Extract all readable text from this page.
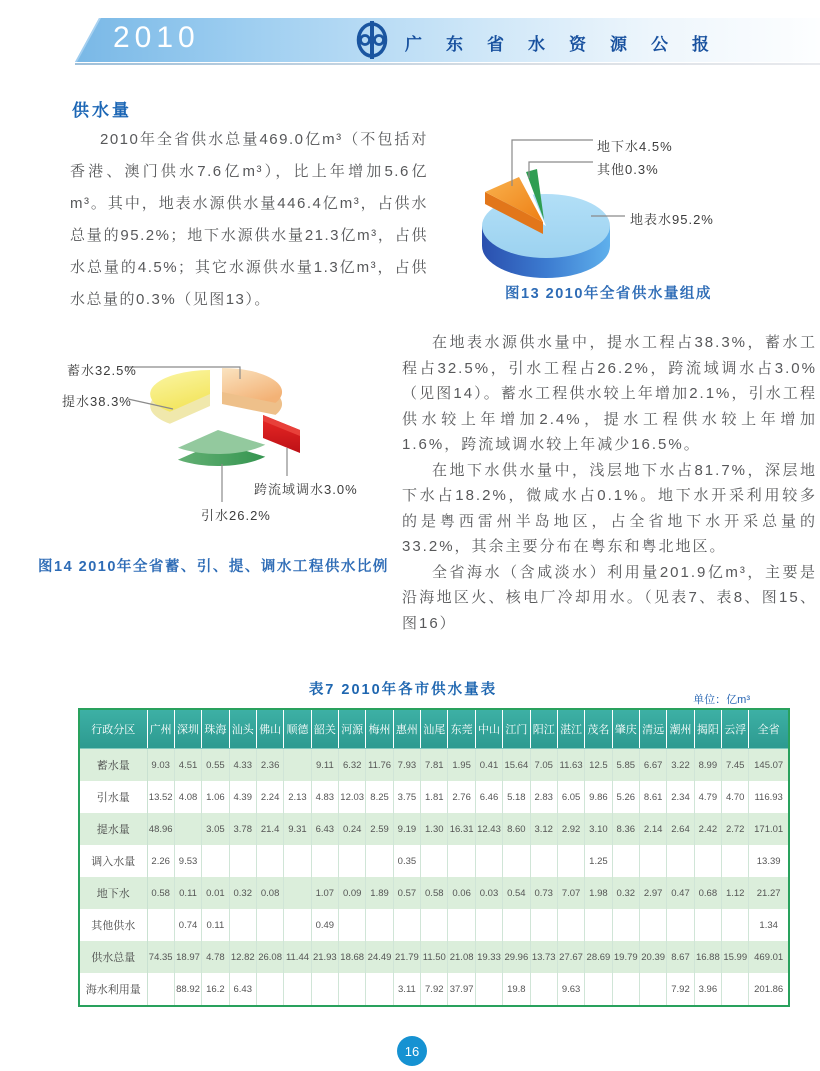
2010	广东省水资源公报
供水量
2010年全省供水总量469.0亿m³（不包括对香港、澳门供水7.6亿m³），比上年增加5.6亿m³。其中，地表水源供水量446.4亿m³，占供水总量的95.2%；地下水源供水量21.3亿m³，占供水总量的4.5%；其它水源供水量1.3亿m³，占供水总量的0.3%（见图13）。
地下水4.5%
其他0.3%
地表水95.2%
图13 2010年全省供水量组成

在地表水源供水量中，提水工程占38.3%，蓄水工程占32.5%，引水工程占26.2%，跨流域调水占3.0%（见图14）。蓄水工程供水较上年增加2.1%，引水工程供水较上年增加2.4%，提水工程供水较上年增加1.6%，跨流域调水较上年减少16.5%。

在地下水供水量中，浅层地下水占81.7%，深层地下水占18.2%，微咸水占0.1%。地下水开采利用较多的是粤西雷州半岛地区，占全省地下水开采总量的33.2%，其余主要分布在粤东和粤北地区。

全省海水（含咸淡水）利用量201.9亿m³，主要是沿海地区火、核电厂冷却用水。（见表7、表8、图15、图16）

蓄水32.5%
提水38.3%
跨流域调水3.0%
引水26.2%
图14 2010年全省蓄、引、提、调水工程供水比例
表7 2010年各市供水量表
单位：亿m³
行政分区	广州	深圳	珠海	汕头	佛山	顺德	韶关	河源	梅州	惠州	汕尾	东莞	中山	江门	阳江	湛江	茂名	肇庆	清远	潮州	揭阳	云浮	全省
蓄水量	9.03	4.51	0.55	4.33	2.36		9.11	6.32	11.76	7.93	7.81	1.95	0.41	15.64	7.05	11.63	12.5	5.85	6.67	3.22	8.99	7.45	145.07
引水量	13.52	4.08	1.06	4.39	2.24	2.13	4.83	12.03	8.25	3.75	1.81	2.76	6.46	5.18	2.83	6.05	9.86	5.26	8.61	2.34	4.79	4.70	116.93
提水量	48.96		3.05	3.78	21.4	9.31	6.43	0.24	2.59	9.19	1.30	16.31	12.43	8.60	3.12	2.92	3.10	8.36	2.14	2.64	2.42	2.72	171.01
调入水量	2.26	9.53								0.35							1.25						13.39
地下水	0.58	0.11	0.01	0.32	0.08		1.07	0.09	1.89	0.57	0.58	0.06	0.03	0.54	0.73	7.07	1.98	0.32	2.97	0.47	0.68	1.12	21.27
其他供水		0.74	0.11				0.49																1.34
供水总量	74.35	18.97	4.78	12.82	26.08	11.44	21.93	18.68	24.49	21.79	11.50	21.08	19.33	29.96	13.73	27.67	28.69	19.79	20.39	8.67	16.88	15.99	469.01
海水利用量		88.92	16.2	6.43						3.11	7.92	37.97		19.8		9.63				7.92	3.96		201.86
16
